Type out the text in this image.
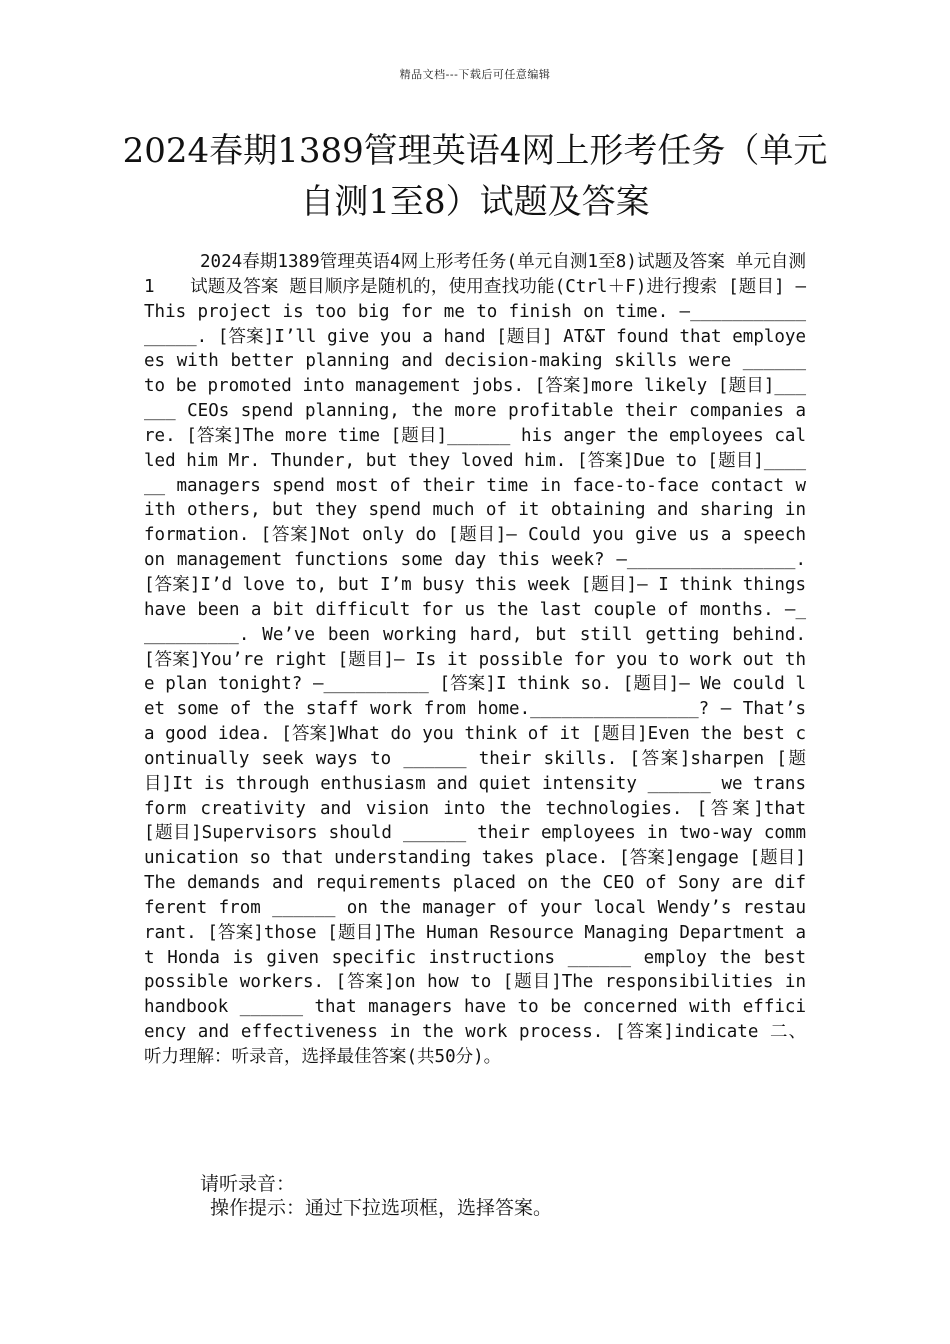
精品文档---下载后可任意编辑
2024春期1389管理英语4网上形考任务（单元自测1至8）试题及答案

2024春期1389管理英语4网上形考任务(单元自测1至8)试题及答案 单元自测1　　试题及答案 题目顺序是随机的，使用查找功能(Ctrl＋F)进行搜索 [题目] — This project is too big for me to finish on time. —________________. [答案]I’ll give you a hand [题目] AT&T found that employees with better planning and decision-making skills were ______ to be promoted into management jobs. [答案]more likely [题目]______ CEOs spend planning, the more profitable their companies are. [答案]The more time [题目]______ his anger the employees called him Mr. Thunder, but they loved him. [答案]Due to [题目]______ managers spend most of their time in face-to-face contact with others, but they spend much of it obtaining and sharing information. [答案]Not only do [题目]— Could you give us a speech on management functions some day this week? —________________. [答案]I’d love to, but I’m busy this week [题目]— I think things have been a bit difficult for us the last couple of months. —__________. We’ve been working hard, but still getting behind. [答案]You’re right [题目]— Is it possible for you to work out the plan tonight? —__________ [答案]I think so. [题目]— We could let some of the staff work from home.________________? — That’s a good idea. [答案]What do you think of it [题目]Even the best continually seek ways to ______ their skills. [答案]sharpen [题目]It is through enthusiasm and quiet intensity ______ we transform creativity and vision into the technologies. [答案]that [题目]Supervisors should ______ their employees in two-way communication so that understanding takes place. [答案]engage [题目]The demands and requirements placed on the CEO of Sony are different from ______ on the manager of your local Wendy’s restaurant. [答案]those [题目]The Human Resource Managing Department at Honda is given specific instructions ______ employ the best possible workers. [答案]on how to [题目]The responsibilities in handbook ______ that managers have to be concerned with efficiency and effectiveness in the work process. [答案]indicate 二、听力理解：听录音，选择最佳答案(共50分)。

请听录音：
操作提示：通过下拉选项框，选择答案。
